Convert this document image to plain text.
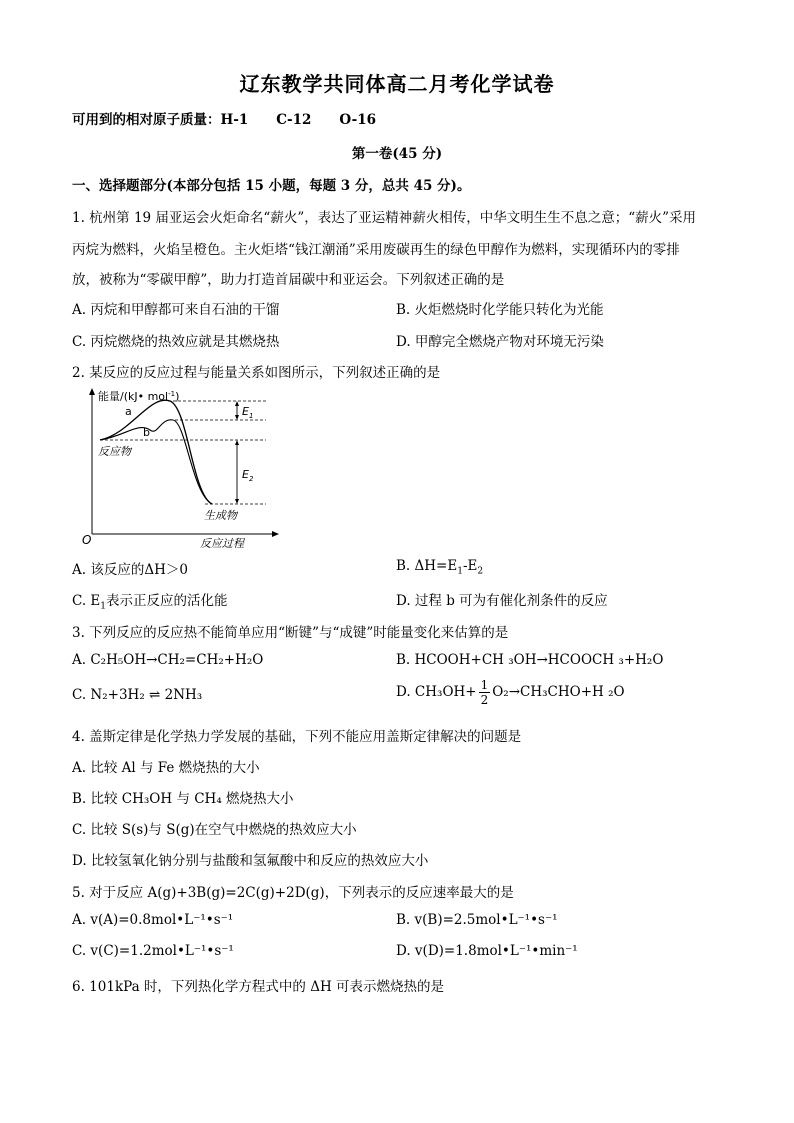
辽东教学共同体高二月考化学试卷
可用到的相对原子质量：H-1 C-12 O-16
第一卷(45 分)
一、选择题部分(本部分包括 15 小题，每题 3 分，总共 45 分)。
1. 杭州第 19 届亚运会火炬命名“薪火”，表达了亚运精神薪火相传，中华文明生生不息之意；“薪火”采用
丙烷为燃料，火焰呈橙色。主火炬塔“钱江潮涌”采用废碳再生的绿色甲醇作为燃料，实现循环内的零排
放，被称为“零碳甲醇”，助力打造首届碳中和亚运会。下列叙述正确的是
A. 丙烷和甲醇都可来自石油的干馏	B. 火炬燃烧时化学能只转化为光能
C. 丙烷燃烧的热效应就是其燃烧热	D. 甲醇完全燃烧产物对环境无污染
2. 某反应的反应过程与能量关系如图所示，下列叙述正确的是
能量/(kJ• mol$^{-1}$)
a
b
$E_1$
$E_2$
反应物
生成物
O	反应过程
A. 该反应的ΔH＞0	B. $\Delta H=E_1-E_2$
C. $E_1$表示正反应的活化能	D. 过程 b 可为有催化剂条件的反应
3. 下列反应的反应热不能简单应用“断键”与“成键”时能量变化来估算的是
A. C₂H₅OH→CH₂=CH₂+H₂O	B. HCOOH+CH ₃OH→HCOOCH ₃+H₂O
C. N₂+3H₂ ⇌ 2NH₃	D. $CH_3OH+ \frac{1}{2} O_2\to CH_3CHO+H$ ₂O
4. 盖斯定律是化学热力学发展的基础，下列不能应用盖斯定律解决的问题是
A. 比较 Al 与 Fe 燃烧热的大小
B. 比较 CH₃OH 与 CH₄ 燃烧热大小
C. 比较 S(s)与 S(g)在空气中燃烧的热效应大小
D. 比较氢氧化钠分别与盐酸和氢氟酸中和反应的热效应大小
5. 对于反应 A(g)+3B(g)=2C(g)+2D(g)，下列表示的反应速率最大的是
A. v(A)=0.8mol•L⁻¹•s⁻¹	B. v(B)=2.5mol•L⁻¹•s⁻¹
C. v(C)=1.2mol•L⁻¹•s⁻¹	D. v(D)=1.8mol•L⁻¹•min⁻¹
6. 101kPa 时，下列热化学方程式中的 ΔH 可表示燃烧热的是
